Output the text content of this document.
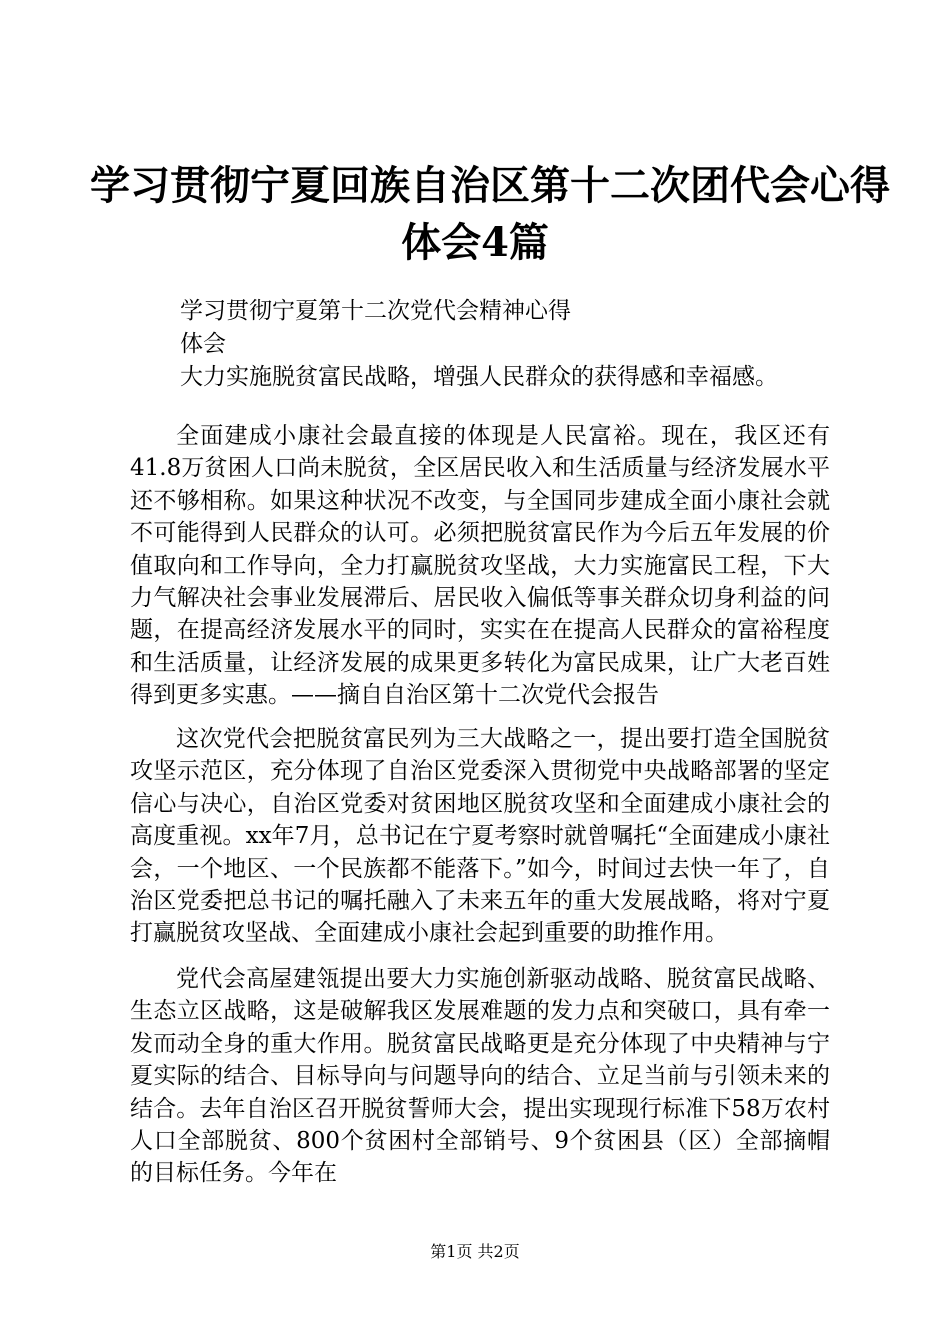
学习贯彻宁夏回族自治区第十二次团代会心得
体会4篇
学习贯彻宁夏第十二次党代会精神心得
体会
大力实施脱贫富民战略，增强人民群众的获得感和幸福感。

全面建成小康社会最直接的体现是人民富裕。现在，我区还有41.8万贫困人口尚未脱贫，全区居民收入和生活质量与经济发展水平还不够相称。如果这种状况不改变，与全国同步建成全面小康社会就不可能得到人民群众的认可。必须把脱贫富民作为今后五年发展的价值取向和工作导向，全力打赢脱贫攻坚战，大力实施富民工程，下大力气解决社会事业发展滞后、居民收入偏低等事关群众切身利益的问题，在提高经济发展水平的同时，实实在在提高人民群众的富裕程度和生活质量，让经济发展的成果更多转化为富民成果，让广大老百姓得到更多实惠。——摘自自治区第十二次党代会报告

这次党代会把脱贫富民列为三大战略之一，提出要打造全国脱贫攻坚示范区，充分体现了自治区党委深入贯彻党中央战略部署的坚定信心与决心，自治区党委对贫困地区脱贫攻坚和全面建成小康社会的高度重视。xx年7月，总书记在宁夏考察时就曾嘱托“全面建成小康社会，一个地区、一个民族都不能落下。”如今，时间过去快一年了，自治区党委把总书记的嘱托融入了未来五年的重大发展战略，将对宁夏打赢脱贫攻坚战、全面建成小康社会起到重要的助推作用。

党代会高屋建瓴提出要大力实施创新驱动战略、脱贫富民战略、生态立区战略，这是破解我区发展难题的发力点和突破口，具有牵一发而动全身的重大作用。脱贫富民战略更是充分体现了中央精神与宁夏实际的结合、目标导向与问题导向的结合、立足当前与引领未来的结合。去年自治区召开脱贫誓师大会，提出实现现行标准下58万农村人口全部脱贫、800个贫困村全部销号、9个贫困县（区）全部摘帽的目标任务。今年在

第1页 共2页
